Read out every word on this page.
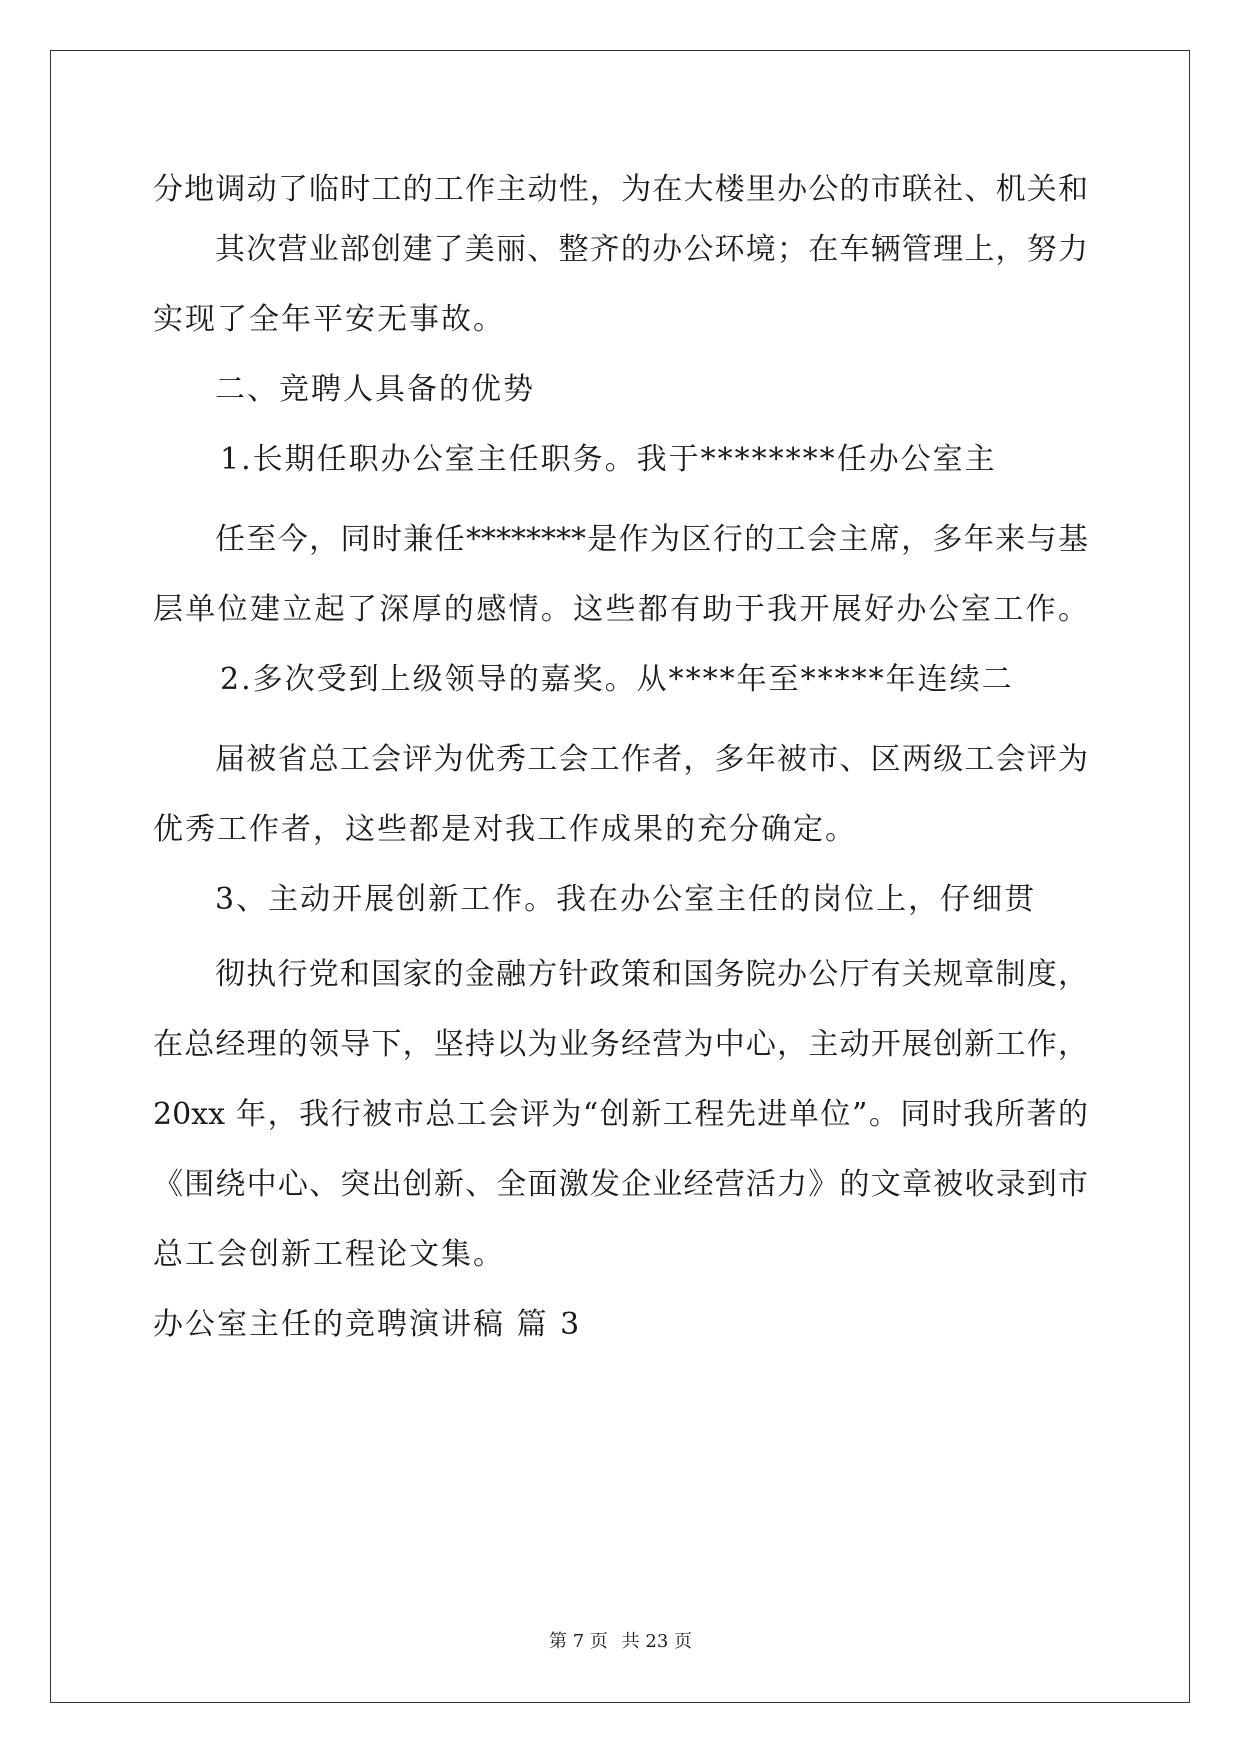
分地调动了临时工的工作主动性，为在大楼里办公的市联社、机关和
其次营业部创建了美丽、整齐的办公环境；在车辆管理上，努力
实现了全年平安无事故。
二、竞聘人具备的优势
1.长期任职办公室主任职务。我于********任办公室主
任至今，同时兼任********是作为区行的工会主席，多年来与基
层单位建立起了深厚的感情。这些都有助于我开展好办公室工作。
2.多次受到上级领导的嘉奖。从****年至*****年连续二
届被省总工会评为优秀工会工作者，多年被市、区两级工会评为
优秀工作者，这些都是对我工作成果的充分确定。
3、主动开展创新工作。我在办公室主任的岗位上，仔细贯
彻执行党和国家的金融方针政策和国务院办公厅有关规章制度，
在总经理的领导下，坚持以为业务经营为中心，主动开展创新工作，
20xx 年，我行被市总工会评为“创新工程先进单位”。同时我所著的
《围绕中心、突出创新、全面激发企业经营活力》的文章被收录到市
总工会创新工程论文集。
办公室主任的竞聘演讲稿 篇 3
第 7 页 共 23 页
